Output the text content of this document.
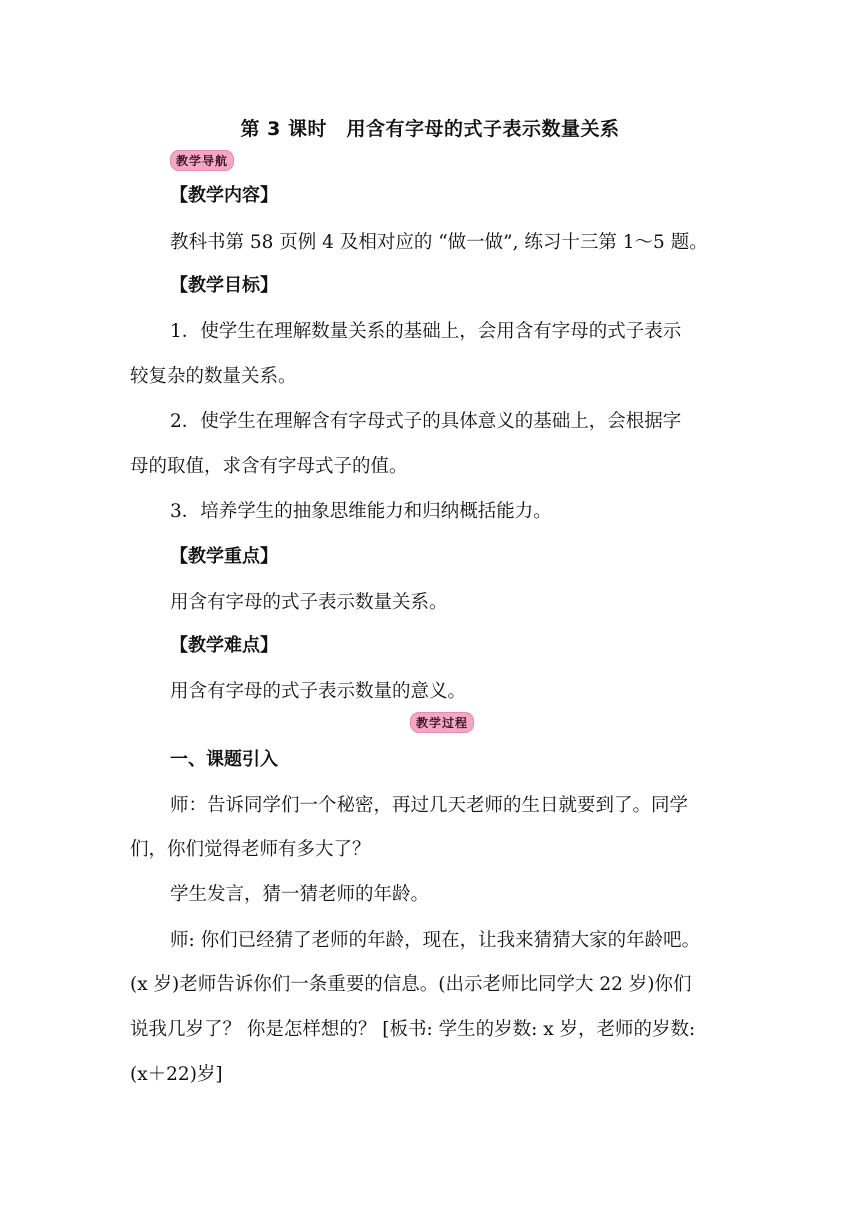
第 3 课时　用含有字母的式子表示数量关系
教学导航
【教学内容】
教科书第 58 页例 4 及相对应的 “做一做”, 练习十三第 1～5 题。
【教学目标】
1．使学生在理解数量关系的基础上，会用含有字母的式子表示
较复杂的数量关系。
2．使学生在理解含有字母式子的具体意义的基础上，会根据字
母的取值，求含有字母式子的值。
3．培养学生的抽象思维能力和归纳概括能力。
【教学重点】
用含有字母的式子表示数量关系。
【教学难点】
用含有字母的式子表示数量的意义。
教学过程
一、课题引入
师：告诉同学们一个秘密，再过几天老师的生日就要到了。同学
们，你们觉得老师有多大了？
学生发言，猜一猜老师的年龄。
师: 你们已经猜了老师的年龄，现在，让我来猜猜大家的年龄吧。
(x 岁)老师告诉你们一条重要的信息。(出示老师比同学大 22 岁)你们
说我几岁了？ 你是怎样想的？ [板书: 学生的岁数: x 岁，老师的岁数:
(x＋22)岁]
